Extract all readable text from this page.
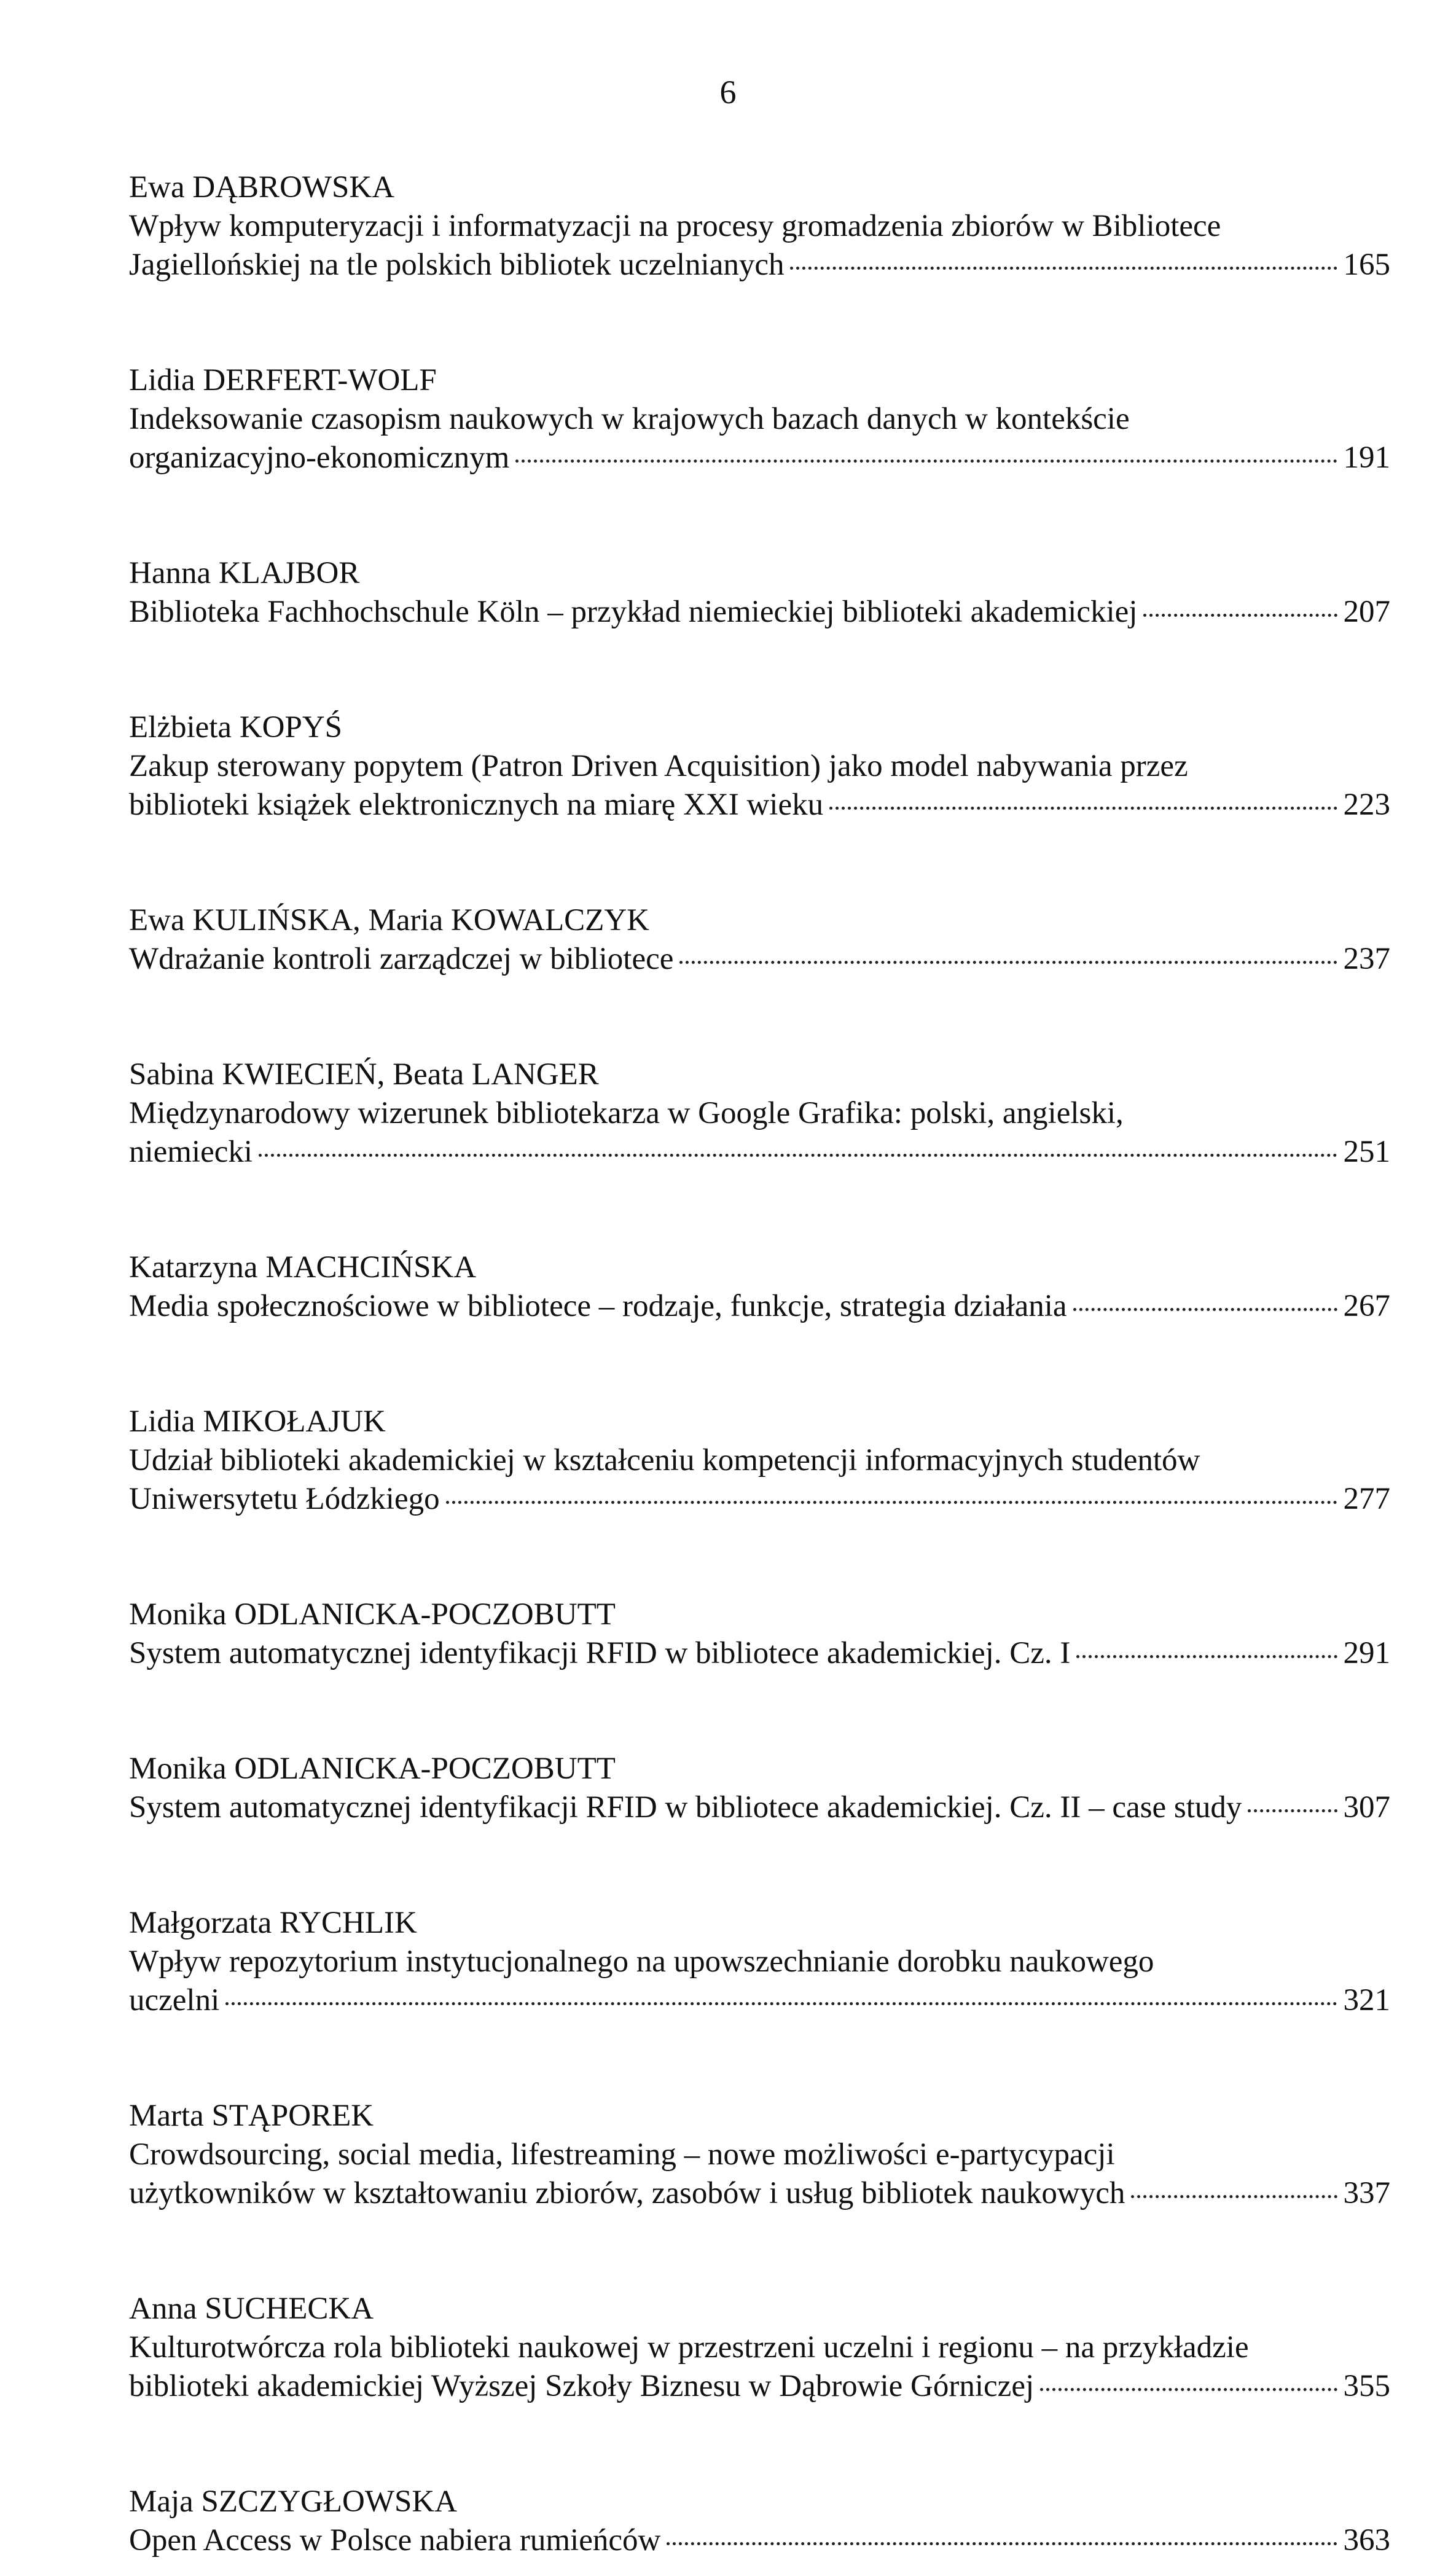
6
Ewa DĄBROWSKA
Wpływ komputeryzacji i informatyzacji na procesy gromadzenia zbiorów w Bibliotece
Jagiellońskiej na tle polskich bibliotek uczelnianych	165
Lidia DERFERT-WOLF
Indeksowanie czasopism naukowych w krajowych bazach danych w kontekście
organizacyjno-ekonomicznym	191
Hanna KLAJBOR
Biblioteka Fachhochschule Köln – przykład niemieckiej biblioteki akademickiej	207
Elżbieta KOPYŚ
Zakup sterowany popytem (Patron Driven Acquisition) jako model nabywania przez
biblioteki książek elektronicznych na miarę XXI wieku	223
Ewa KULIŃSKA, Maria KOWALCZYK
Wdrażanie kontroli zarządczej w bibliotece	237
Sabina KWIECIEŃ, Beata LANGER
Międzynarodowy wizerunek bibliotekarza w Google Grafika: polski, angielski,
niemiecki	251
Katarzyna MACHCIŃSKA
Media społecznościowe w bibliotece – rodzaje, funkcje, strategia działania	267
Lidia MIKOŁAJUK
Udział biblioteki akademickiej w kształceniu kompetencji informacyjnych studentów
Uniwersytetu Łódzkiego	277
Monika ODLANICKA-POCZOBUTT
System automatycznej identyfikacji RFID w bibliotece akademickiej. Cz. I	291
Monika ODLANICKA-POCZOBUTT
System automatycznej identyfikacji RFID w bibliotece akademickiej. Cz. II – case study	307
Małgorzata RYCHLIK
Wpływ repozytorium instytucjonalnego na upowszechnianie dorobku naukowego
uczelni	321
Marta STĄPOREK
Crowdsourcing, social media, lifestreaming – nowe możliwości e-partycypacji
użytkowników w kształtowaniu zbiorów, zasobów i usług bibliotek naukowych	337
Anna SUCHECKA
Kulturotwórcza rola biblioteki naukowej w przestrzeni uczelni i regionu – na przykładzie
biblioteki akademickiej Wyższej Szkoły Biznesu w Dąbrowie Górniczej	355
Maja SZCZYGŁOWSKA
Open Access w Polsce nabiera rumieńców	363
